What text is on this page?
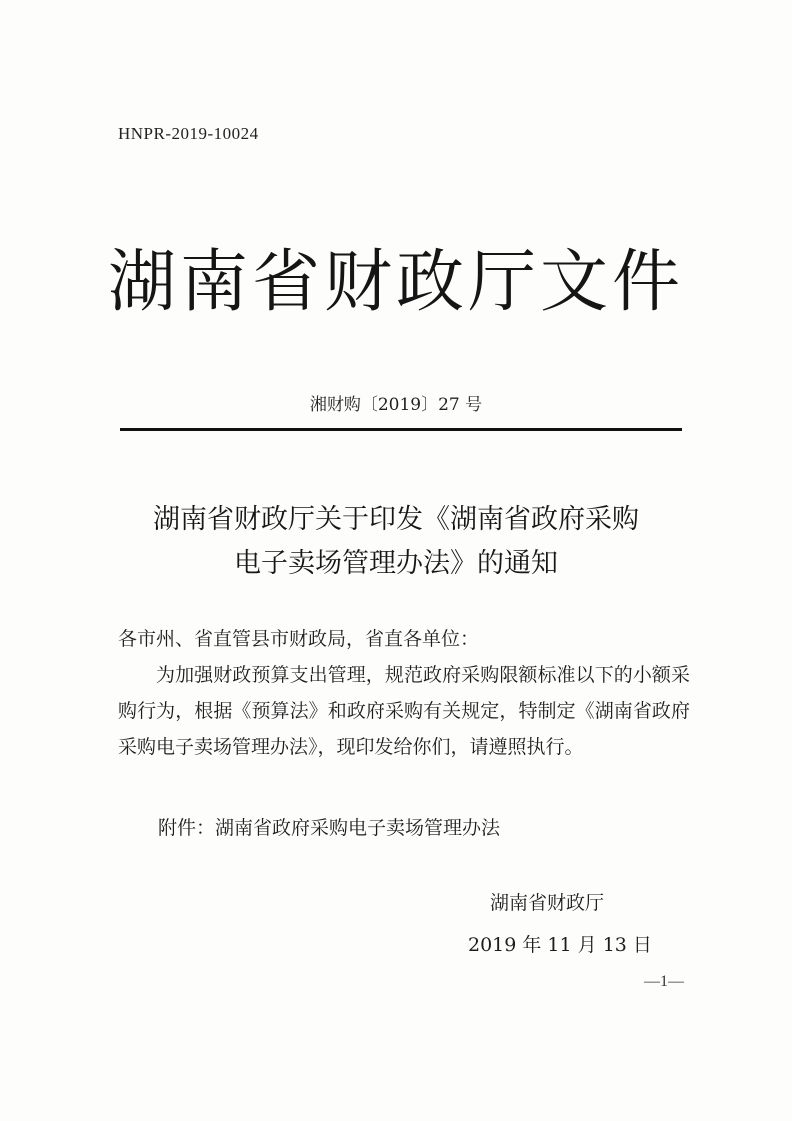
HNPR-2019-10024
湖南省财政厅文件
湘财购〔2019〕27 号
湖南省财政厅关于印发《湖南省政府采购
电子卖场管理办法》的通知

各市州、省直管县市财政局，省直各单位：

为加强财政预算支出管理，规范政府采购限额标准以下的小额采购行为，根据《预算法》和政府采购有关规定，特制定《湖南省政府采购电子卖场管理办法》，现印发给你们，请遵照执行。

附件：湖南省政府采购电子卖场管理办法
湖南省财政厅
2019 年 11 月 13 日
—1—
